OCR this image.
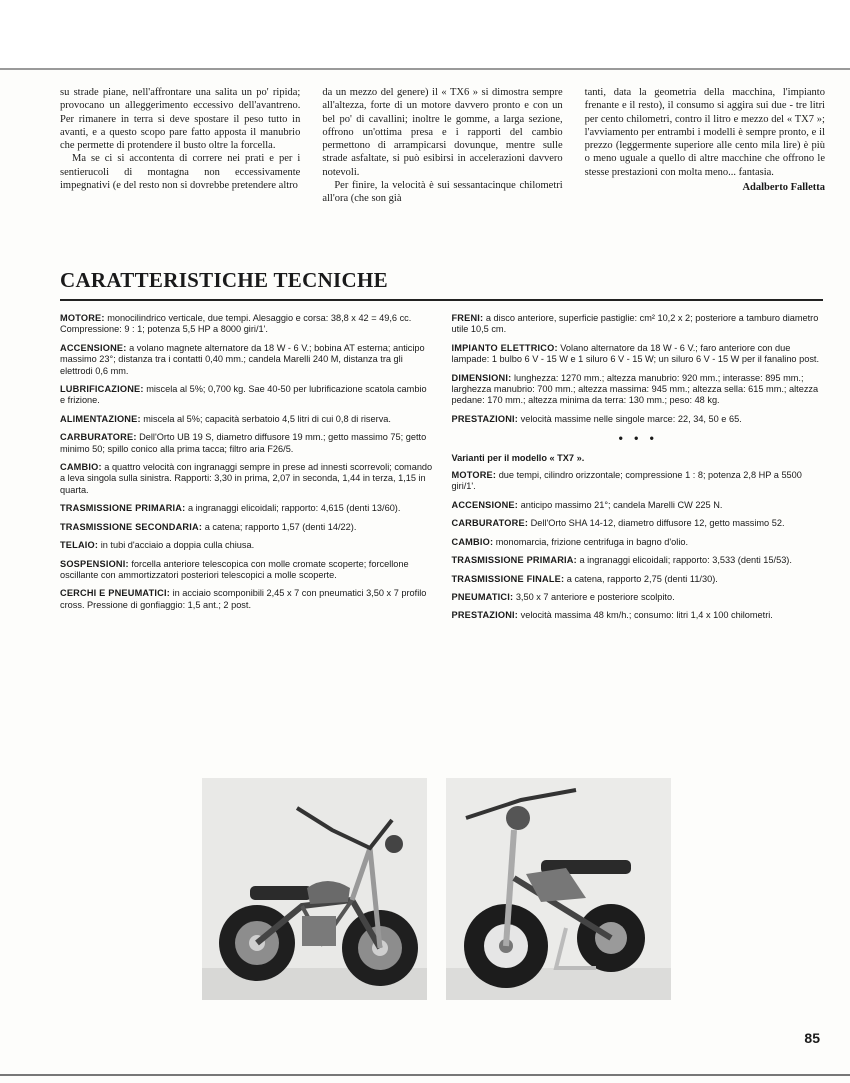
su strade piane, nell'affrontare una salita un po' ripida; provocano un alleggerimento eccessivo dell'avantreno. Per rimanere in terra si deve spostare il peso tutto in avanti, e a questo scopo pare fatto apposta il manubrio che permette di protendere il busto oltre la forcella.

Ma se ci si accontenta di correre nei prati e per i sentierucoli di montagna non eccessivamente impegnativi (e del resto non si dovrebbe pretendere altro

da un mezzo del genere) il « TX6 » si dimostra sempre all'altezza, forte di un motore davvero pronto e con un bel po' di cavallini; inoltre le gomme, a larga sezione, offrono un'ottima presa e i rapporti del cambio permettono di arrampicarsi dovunque, mentre sulle strade asfaltate, si può esibirsi in accelerazioni davvero notevoli.

Per finire, la velocità è sui sessantacinque chilometri all'ora (che son già

tanti, data la geometria della macchina, l'impianto frenante e il resto), il consumo si aggira sui due - tre litri per cento chilometri, contro il litro e mezzo del « TX7 »; l'avviamento per entrambi i modelli è sempre pronto, e il prezzo (leggermente superiore alle cento mila lire) è più o meno uguale a quello di altre macchine che offrono le stesse prestazioni con molta meno... fantasia.

Adalberto Falletta
CARATTERISTICHE TECNICHE

MOTORE: monocilindrico verticale, due tempi. Alesaggio e corsa: 38,8 x 42 = 49,6 cc. Compressione: 9 : 1; potenza 5,5 HP a 8000 giri/1'.

ACCENSIONE: a volano magnete alternatore da 18 W - 6 V.; bobina AT esterna; anticipo massimo 23°; distanza tra i contatti 0,40 mm.; candela Marelli 240 M, distanza tra gli elettrodi 0,6 mm.

LUBRIFICAZIONE: miscela al 5%; 0,700 kg. Sae 40-50 per lubrificazione scatola cambio e frizione.

ALIMENTAZIONE: miscela al 5%; capacità serbatoio 4,5 litri di cui 0,8 di riserva.

CARBURATORE: Dell'Orto UB 19 S, diametro diffusore 19 mm.; getto massimo 75; getto minimo 50; spillo conico alla prima tacca; filtro aria F26/5.

CAMBIO: a quattro velocità con ingranaggi sempre in prese ad innesti scorrevoli; comando a leva singola sulla sinistra. Rapporti: 3,30 in prima, 2,07 in seconda, 1,44 in terza, 1,15 in quarta.

TRASMISSIONE PRIMARIA: a ingranaggi elicoidali; rapporto: 4,615 (denti 13/60).

TRASMISSIONE SECONDARIA: a catena; rapporto 1,57 (denti 14/22).

TELAIO: in tubi d'acciaio a doppia culla chiusa.

SOSPENSIONI: forcella anteriore telescopica con molle cromate scoperte; forcellone oscillante con ammortizzatori posteriori telescopici a molle scoperte.

CERCHI E PNEUMATICI: in acciaio scomponibili 2,45 x 7 con pneumatici 3,50 x 7 profilo cross. Pressione di gonfiaggio: 1,5 ant.; 2 post.

FRENI: a disco anteriore, superficie pastiglie: cm² 10,2 x 2; posteriore a tamburo diametro utile 10,5 cm.

IMPIANTO ELETTRICO: Volano alternatore da 18 W - 6 V.; faro anteriore con due lampade: 1 bulbo 6 V - 15 W e 1 siluro 6 V - 15 W; un siluro 6 V - 15 W per il fanalino post.

DIMENSIONI: lunghezza: 1270 mm.; altezza manubrio: 920 mm.; interasse: 895 mm.; larghezza manubrio: 700 mm.; altezza massima: 945 mm.; altezza sella: 615 mm.; altezza pedane: 170 mm.; altezza minima da terra: 130 mm.; peso: 48 kg.

PRESTAZIONI: velocità massime nelle singole marce: 22, 34, 50 e 65.

• • •

Varianti per il modello « TX7 ».

MOTORE: due tempi, cilindro orizzontale; compressione 1 : 8; potenza 2,8 HP a 5500 giri/1'.

ACCENSIONE: anticipo massimo 21°; candela Marelli CW 225 N.

CARBURATORE: Dell'Orto SHA 14-12, diametro diffusore 12, getto massimo 52.

CAMBIO: monomarcia, frizione centrifuga in bagno d'olio.

TRASMISSIONE PRIMARIA: a ingranaggi elicoidali; rapporto: 3,533 (denti 15/53).

TRASMISSIONE FINALE: a catena, rapporto 2,75 (denti 11/30).

PNEUMATICI: 3,50 x 7 anteriore e posteriore scolpito.

PRESTAZIONI: velocità massima 48 km/h.; consumo: litri 1,4 x 100 chilometri.

85
